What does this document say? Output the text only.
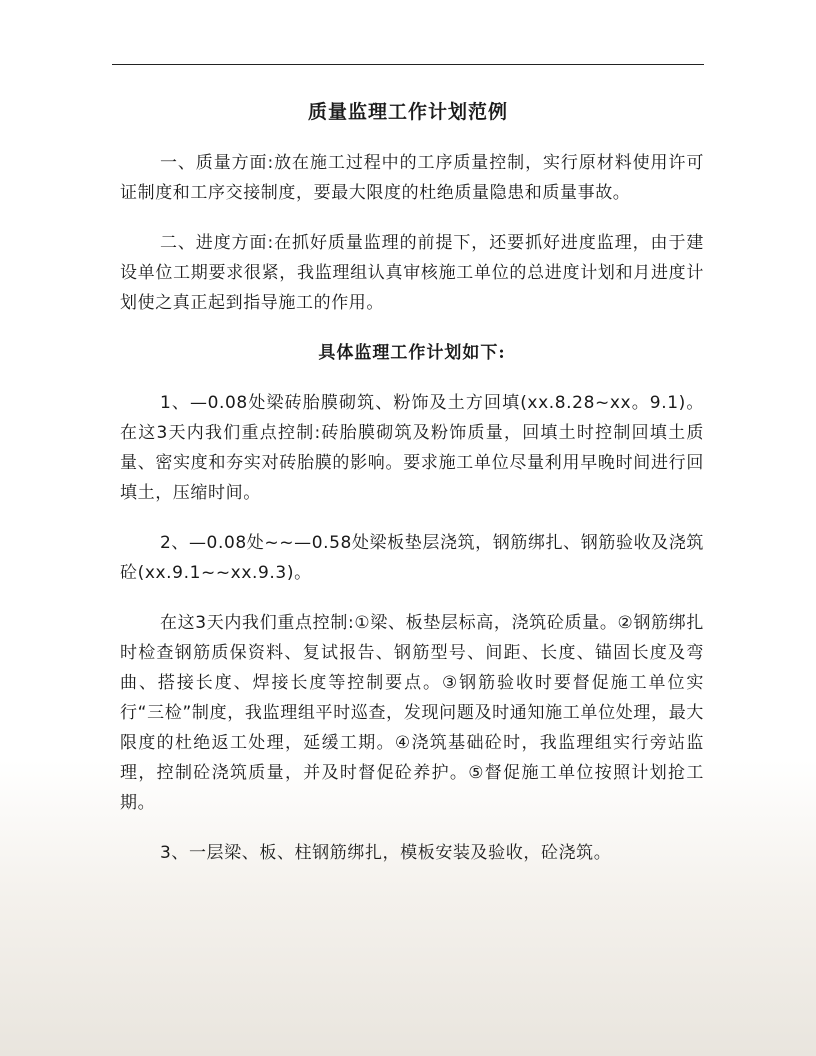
质量监理工作计划范例

一、质量方面:放在施工过程中的工序质量控制，实行原材料使用许可证制度和工序交接制度，要最大限度的杜绝质量隐患和质量事故。

二、进度方面:在抓好质量监理的前提下，还要抓好进度监理，由于建设单位工期要求很紧，我监理组认真审核施工单位的总进度计划和月进度计划使之真正起到指导施工的作用。

具体监理工作计划如下:

1、—0.08处梁砖胎膜砌筑、粉饰及土方回填(xx.8.28~xx。9.1)。在这3天内我们重点控制:砖胎膜砌筑及粉饰质量，回填土时控制回填土质量、密实度和夯实对砖胎膜的影响。要求施工单位尽量利用早晚时间进行回填土，压缩时间。

2、—0.08处~~—0.58处梁板垫层浇筑，钢筋绑扎、钢筋验收及浇筑砼(xx.9.1~~xx.9.3)。

在这3天内我们重点控制:①梁、板垫层标高，浇筑砼质量。②钢筋绑扎时检查钢筋质保资料、复试报告、钢筋型号、间距、长度、锚固长度及弯曲、搭接长度、焊接长度等控制要点。③钢筋验收时要督促施工单位实行“三检”制度，我监理组平时巡查，发现问题及时通知施工单位处理，最大限度的杜绝返工处理，延缓工期。④浇筑基础砼时，我监理组实行旁站监理，控制砼浇筑质量，并及时督促砼养护。⑤督促施工单位按照计划抢工期。

3、一层梁、板、柱钢筋绑扎，模板安装及验收，砼浇筑。
